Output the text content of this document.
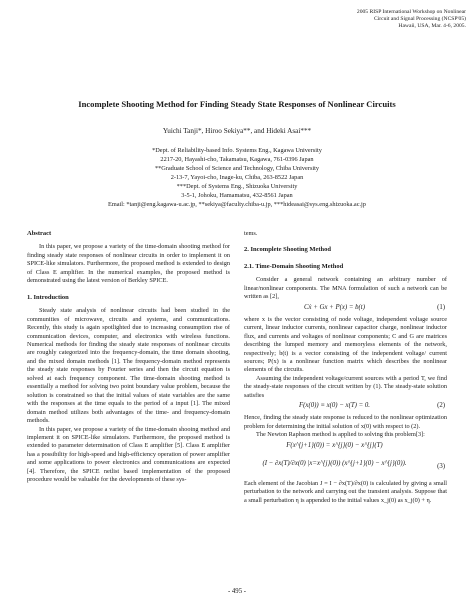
2005 RISP International Workshop on Nonlinear
Circuit and Signal Processing (NCSP'05)
Hawaii, USA, Mar. 4-6, 2005.
Incomplete Shooting Method for Finding Steady State Responses of Nonlinear Circuits
Yuichi Tanji*, Hiroo Sekiya**, and Hideki Asai***
*Dept. of Reliability-based Info. Systems Eng., Kagawa University
2217-20, Hayashi-cho, Takamatsu, Kagawa, 761-0396 Japan
**Graduate School of Science and Technology, Chiba University
2-13-7, Yayoi-cho, Inage-ku, Chiba, 263-8522 Japan
***Dept. of Systems Eng., Shizuoka University
3-5-1, Johoku, Hamamatsu, 432-8561 Japan
Email: *tanji@eng.kagawa-u.ac.jp, **sekiya@faculty.chiba-u.jp, ***hideasai@sys.eng.shizuoka.ac.jp
Abstract

In this paper, we propose a variety of the time-domain shooting method for finding steady state responses of nonlinear circuits in order to implement it on SPICE-like simulators. Furthermore, the proposed method is extended to design of Class E amplifier. In the numerical examples, the proposed method is demonstrated using the latest version of Berkley SPICE.

1. Introduction

Steady state analysis of nonlinear circuits had been studied in the communities of microwave, circuits and systems, and communications. Recently, this study is again spotlighted due to increasing consumption rise of communication devices, computer, and electronics with wireless functions. Numerical methods for finding the steady state responses of nonlinear circuits are roughly categorized into the frequency-domain, the time domain shooting, and the mixed domain methods [1]. The frequency-domain method represents the steady state responses by Fourier series and then the circuit equation is solved at each frequency component. The time-domain shooting method is essentially a method for solving two point boundary value problem, because the solution is constrained so that the initial values of state variables are the same with the responses at the time equals to the period of a input [1]. The mixed domain method utilizes both advantages of the time- and frequency-domain methods.

In this paper, we propose a variety of the time-domain shooing method and implement it on SPICE-like simulators. Furthermore, the proposed method is extended to parameter determination of Class E amplifier [5]. Class E amplifier has a possibility for high-speed and high-efficiency operation of power amplifier and some applications to power electronics and communications are expected [4]. Therefore, the SPICE netlist based implementation of the proposed procedure would be valuable for the developments of these sys-

tems.

2. Incomplete Shooting Method
2.1. Time-Domain Shooting Method

Consider a general network containing an arbitrary number of linear/nonlinear components. The MNA formulation of such a network can be written as [2],

Cẋ + Gx + P(x) = b(t)	(1)

where x is the vector consisting of node voltage, independent voltage source current, linear inductor currents, nonlinear capacitor charge, nonlinear inductor flux, and currents and voltages of nonlinear components; C and G are matrices describing the lumped memory and memoryless elements of the network, respectively; b(t) is a vector consisting of the independent voltage/ current sources; P(x) is a nonlinear function matrix which describes the nonlinear elements of the circuits.

Assuming the independent voltage/current sources with a period T, we find the steady-state responses of the circuit written by (1). The steady-state solution satisfies

F(x(0)) ≡ x(0) − x(T) = 0.	(2)

Hence, finding the steady state response is reduced to the nonlinear optimization problem for determining the initial solution of x(0) with respect to (2).

The Newton Raphson method is applied to solving this problem[3]:

F(x^{j+1}(0)) = x^{j}(0) − x^{j}(T)
(I − ∂x(T)/∂x(0) |x=x^{j}(0)) (x^{j+1}(0) − x^{j}(0)).	(3)

Each element of the Jacobian J = I − ∂x(T)/∂x(0) is calculated by giving a small perturbation to the network and carrying out the transient analysis. Suppose that a small perturbation η is appended to the initial values x_j(0) as x_j(0) + η.

- 495 -
